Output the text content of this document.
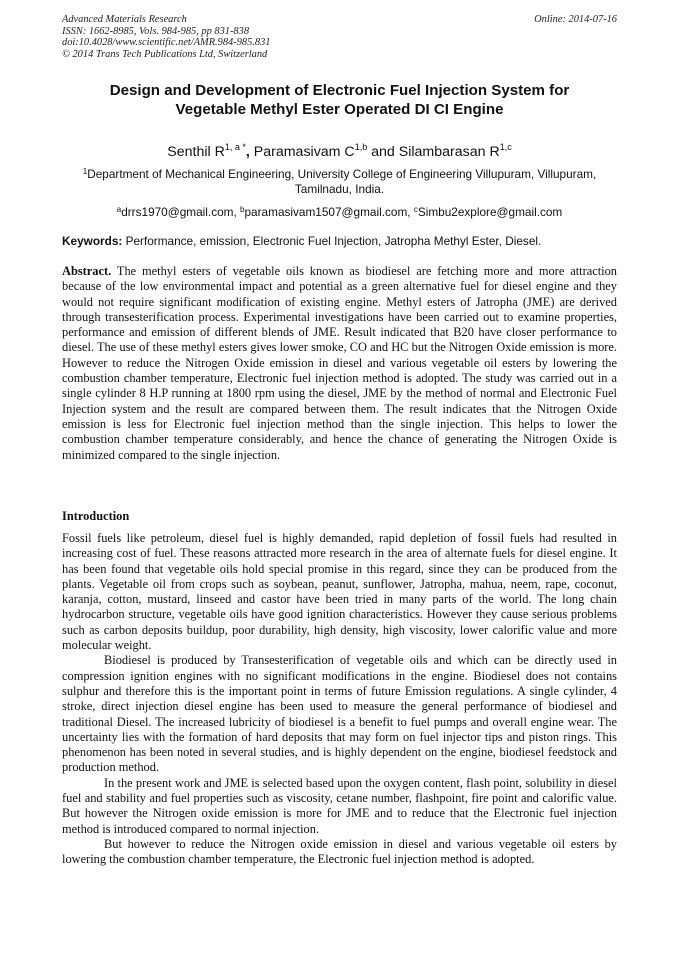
Advanced Materials Research
ISSN: 1662-8985, Vols. 984-985, pp 831-838
doi:10.4028/www.scientific.net/AMR.984-985.831
© 2014 Trans Tech Publications Ltd, Switzerland
Online: 2014-07-16
Design and Development of Electronic Fuel Injection System for
Vegetable Methyl Ester Operated DI CI Engine
Senthil $R^{1, a *}$, Paramasivam C$^{1,b}$ and Silambarasan R$^{1,c}$
$^1$Department of Mechanical Engineering, University College of Engineering Villupuram, Villupuram, Tamilnadu, India.
$^a$drrs1970@gmail.com, $^b$paramasivam1507@gmail.com, $^c$Simbu2explore@gmail.com
Keywords: Performance, emission, Electronic Fuel Injection, Jatropha Methyl Ester, Diesel.
Abstract. The methyl esters of vegetable oils known as biodiesel are fetching more and more attraction because of the low environmental impact and potential as a green alternative fuel for diesel engine and they would not require significant modification of existing engine. Methyl esters of Jatropha (JME) are derived through transesterification process. Experimental investigations have been carried out to examine properties, performance and emission of different blends of JME. Result indicated that B20 have closer performance to diesel. The use of these methyl esters gives lower smoke, CO and HC but the Nitrogen Oxide emission is more. However to reduce the Nitrogen Oxide emission in diesel and various vegetable oil esters by lowering the combustion chamber temperature, Electronic fuel injection method is adopted. The study was carried out in a single cylinder 8 H.P running at 1800 rpm using the diesel, JME by the method of normal and Electronic Fuel Injection system and the result are compared between them. The result indicates that the Nitrogen Oxide emission is less for Electronic fuel injection method than the single injection. This helps to lower the combustion chamber temperature considerably, and hence the chance of generating the Nitrogen Oxide is minimized compared to the single injection.
Introduction

Fossil fuels like petroleum, diesel fuel is highly demanded, rapid depletion of fossil fuels had resulted in increasing cost of fuel. These reasons attracted more research in the area of alternate fuels for diesel engine. It has been found that vegetable oils hold special promise in this regard, since they can be produced from the plants. Vegetable oil from crops such as soybean, peanut, sunflower, Jatropha, mahua, neem, rape, coconut, karanja, cotton, mustard, linseed and castor have been tried in many parts of the world. The long chain hydrocarbon structure, vegetable oils have good ignition characteristics. However they cause serious problems such as carbon deposits buildup, poor durability, high density, high viscosity, lower calorific value and more molecular weight.

Biodiesel is produced by Transesterification of vegetable oils and which can be directly used in compression ignition engines with no significant modifications in the engine. Biodiesel does not contains sulphur and therefore this is the important point in terms of future Emission regulations. A single cylinder, 4 stroke, direct injection diesel engine has been used to measure the general performance of biodiesel and traditional Diesel. The increased lubricity of biodiesel is a benefit to fuel pumps and overall engine wear. The uncertainty lies with the formation of hard deposits that may form on fuel injector tips and piston rings. This phenomenon has been noted in several studies, and is highly dependent on the engine, biodiesel feedstock and production method.

In the present work and JME is selected based upon the oxygen content, flash point, solubility in diesel fuel and stability and fuel properties such as viscosity, cetane number, flashpoint, fire point and calorific value. But however the Nitrogen oxide emission is more for JME and to reduce that the Electronic fuel injection method is introduced compared to normal injection.

But however to reduce the Nitrogen oxide emission in diesel and various vegetable oil esters by lowering the combustion chamber temperature, the Electronic fuel injection method is adopted.
